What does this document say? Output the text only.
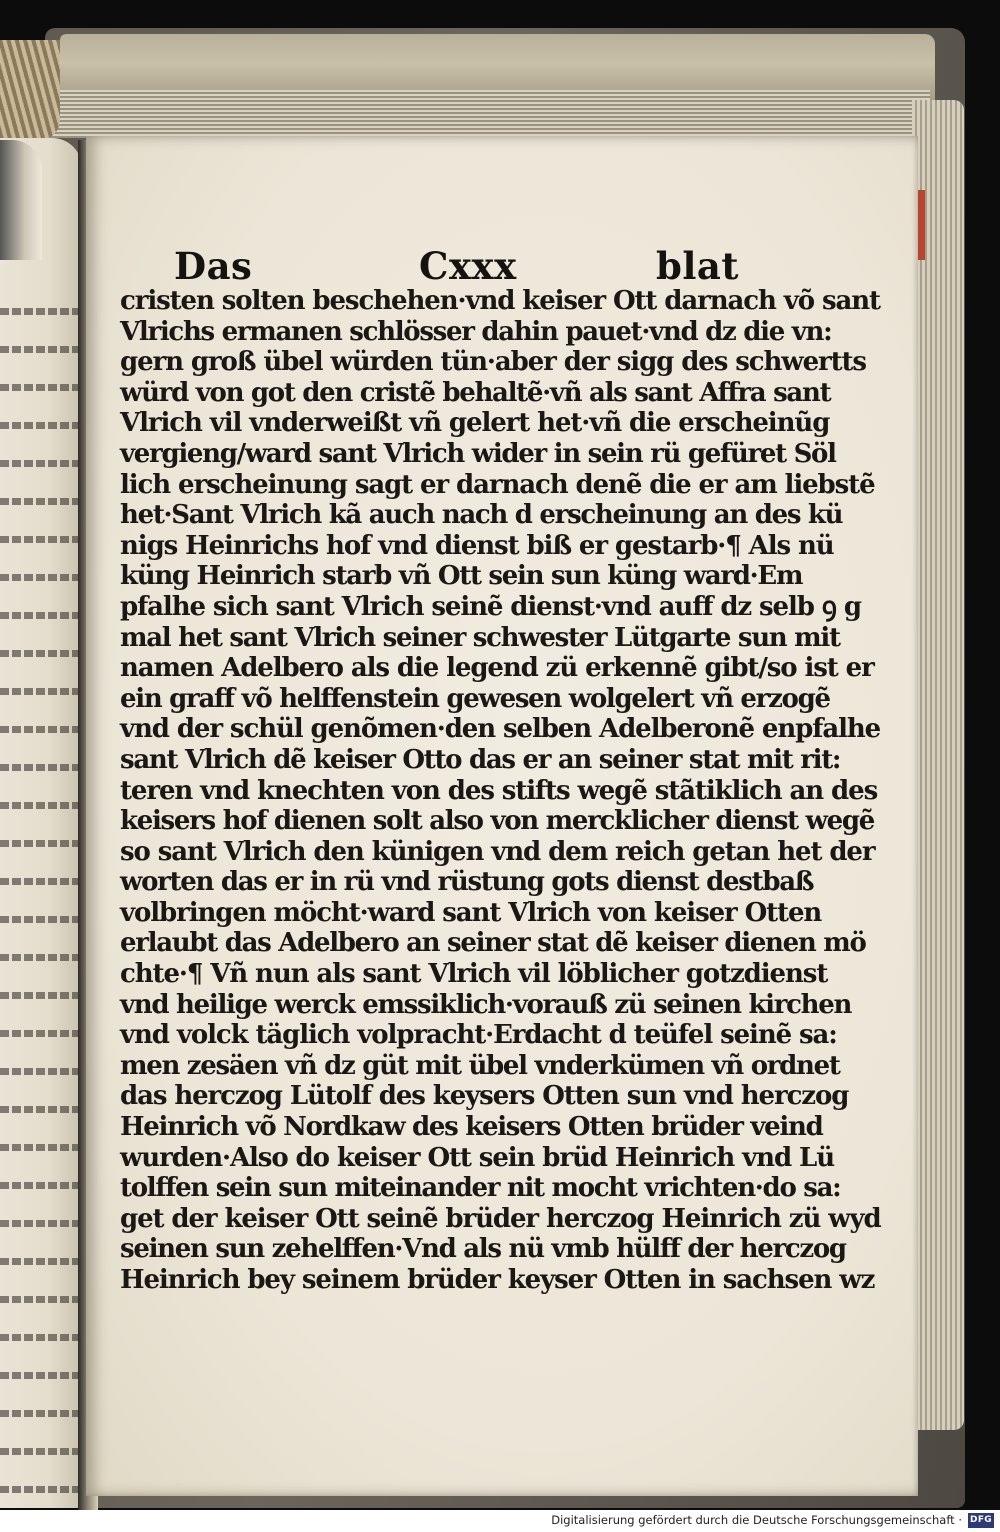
Das	Cxxx	blat
cristen solten beschehen·vnd keiser Ott darnach võ sant
Vlrichs ermanen schlösser dahin pauet·vnd dz die vn:
gern groß übel würden tün·aber der sigg des schwertts
würd von got den cristẽ behaltẽ·vñ als sant Affra sant
Vlrich vil vnderweißt vñ gelert het·vñ die erscheinũg
vergieng/ward sant Vlrich wider in sein rü gefüret Söl
lich erscheinung sagt er darnach denẽ die er am liebstẽ
het·Sant Vlrich kã auch nach d erscheinung an des kü
nigs Heinrichs hof vnd dienst biß er gestarb·¶ Als nü
küng Heinrich starb vñ Ott sein sun küng ward·Em
pfalhe sich sant Vlrich seinẽ dienst·vnd auff dz selb ꝯ g
mal het sant Vlrich seiner schwester Lütgarte sun mit
namen Adelbero als die legend zü erkennẽ gibt/so ist er
ein graff võ helffenstein gewesen wolgelert vñ erzogẽ
vnd der schül genõmen·den selben Adelberonẽ enpfalhe
sant Vlrich dẽ keiser Otto das er an seiner stat mit rit:
teren vnd knechten von des stifts wegẽ stãtiklich an des
keisers hof dienen solt also von mercklicher dienst wegẽ
so sant Vlrich den künigen vnd dem reich getan het der
worten das er in rü vnd rüstung gots dienst destbaß
volbringen möcht·ward sant Vlrich von keiser Otten
erlaubt das Adelbero an seiner stat dẽ keiser dienen mö
chte·¶ Vñ nun als sant Vlrich vil löblicher gotzdienst
vnd heilige werck emssiklich·vorauß zü seinen kirchen
vnd volck täglich volpracht·Erdacht d teüfel seinẽ sa:
men zesäen vñ dz güt mit übel vnderkümen vñ ordnet
das herczog Lütolf des keysers Otten sun vnd herczog
Heinrich võ Nordkaw des keisers Otten brüder veind
wurden·Also do keiser Ott sein brüd Heinrich vnd Lü
tolffen sein sun miteinander nit mocht vrichten·do sa:
get der keiser Ott seinẽ brüder herczog Heinrich zü wyd
seinen sun zehelffen·Vnd als nü vmb hülff der herczog
Heinrich bey seinem brüder keyser Otten in sachsen wz
Digitalisierung gefördert durch die Deutsche Forschungsgemeinschaft · DFG
